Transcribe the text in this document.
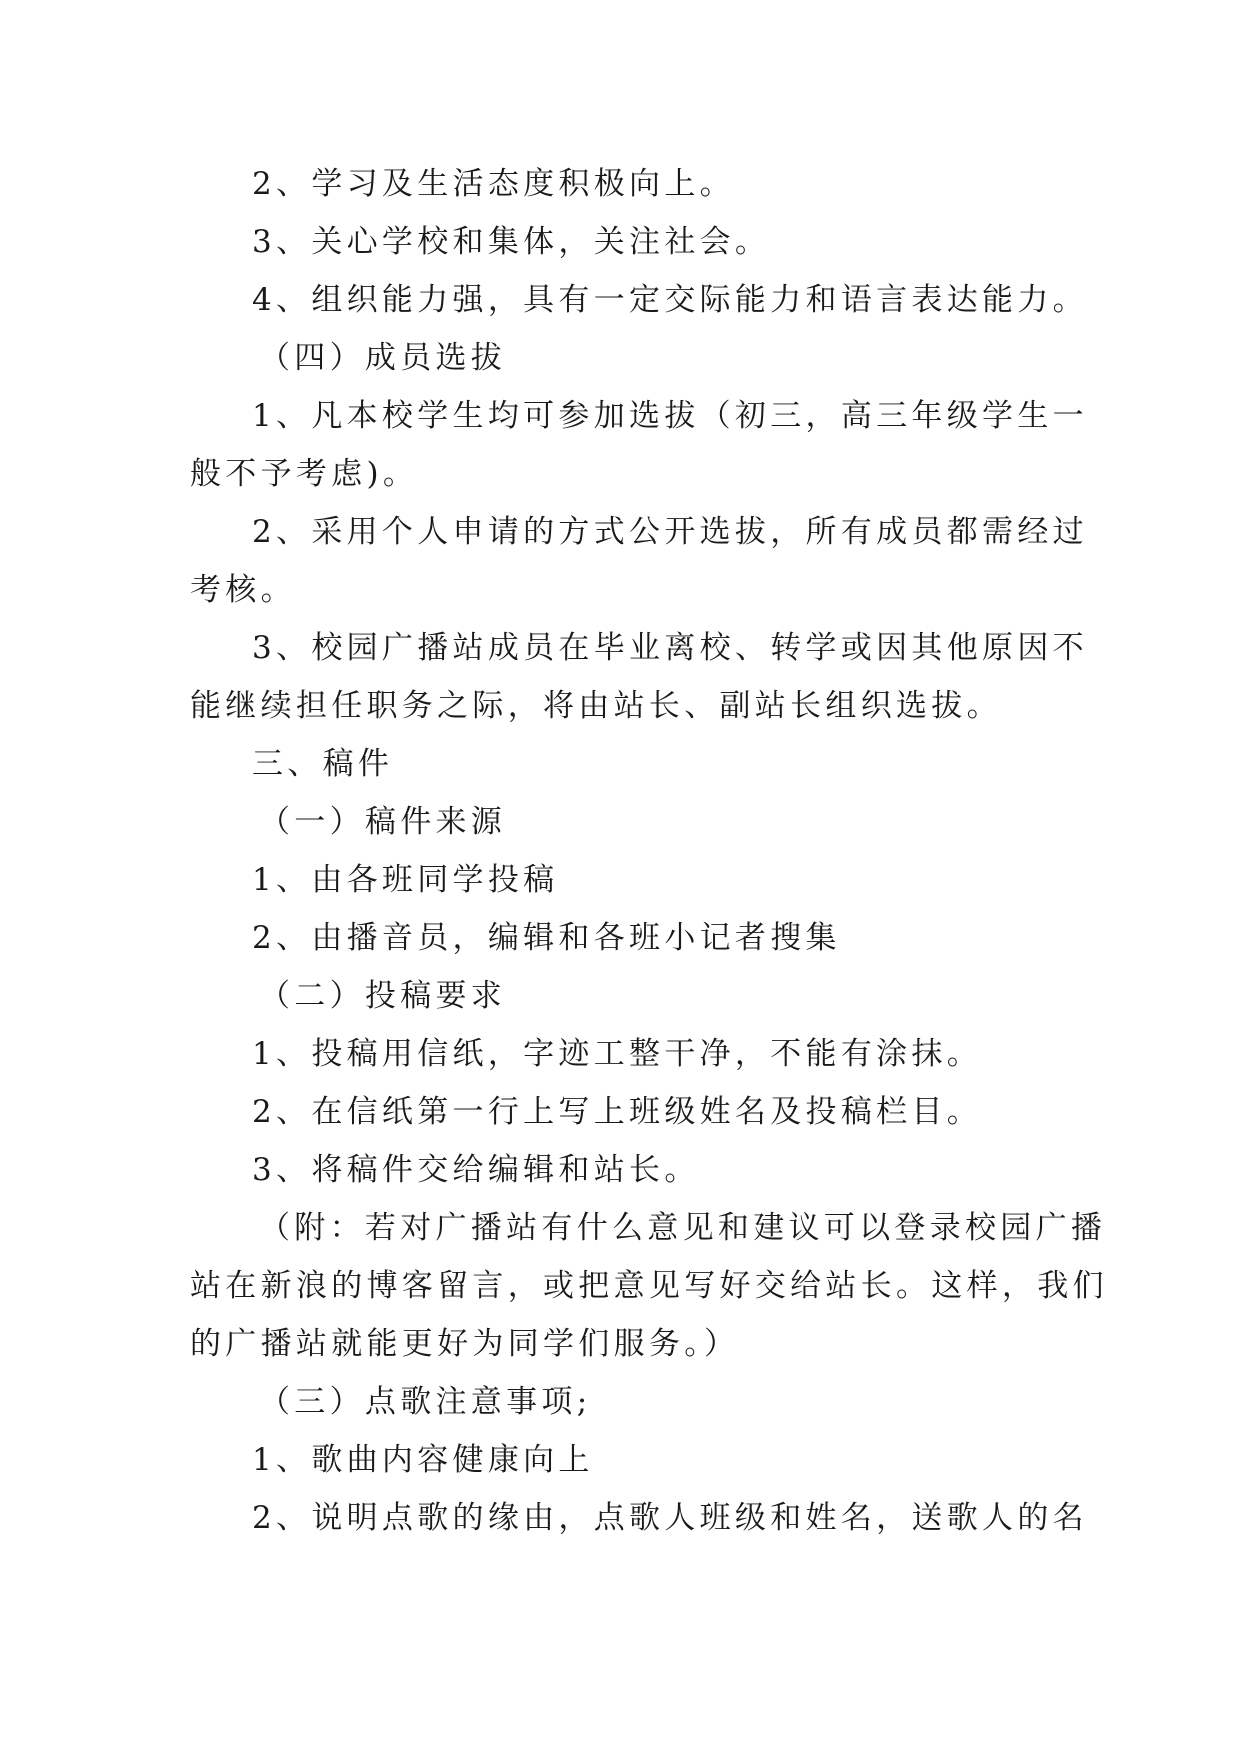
2、学习及生活态度积极向上。
3、关心学校和集体，关注社会。
4、组织能力强，具有一定交际能力和语言表达能力。
（四）成员选拔
1、凡本校学生均可参加选拔（初三，高三年级学生一
般不予考虑)。
2、采用个人申请的方式公开选拔，所有成员都需经过
考核。
3、校园广播站成员在毕业离校、转学或因其他原因不
能继续担任职务之际，将由站长、副站长组织选拔。
三、稿件
（一）稿件来源
1、由各班同学投稿
2、由播音员，编辑和各班小记者搜集
（二）投稿要求
1、投稿用信纸，字迹工整干净，不能有涂抹。
2、在信纸第一行上写上班级姓名及投稿栏目。
3、将稿件交给编辑和站长。
（附：若对广播站有什么意见和建议可以登录校园广播
站在新浪的博客留言，或把意见写好交给站长。这样，我们
的广播站就能更好为同学们服务。）
（三）点歌注意事项;
1、歌曲内容健康向上
2、说明点歌的缘由，点歌人班级和姓名，送歌人的名
